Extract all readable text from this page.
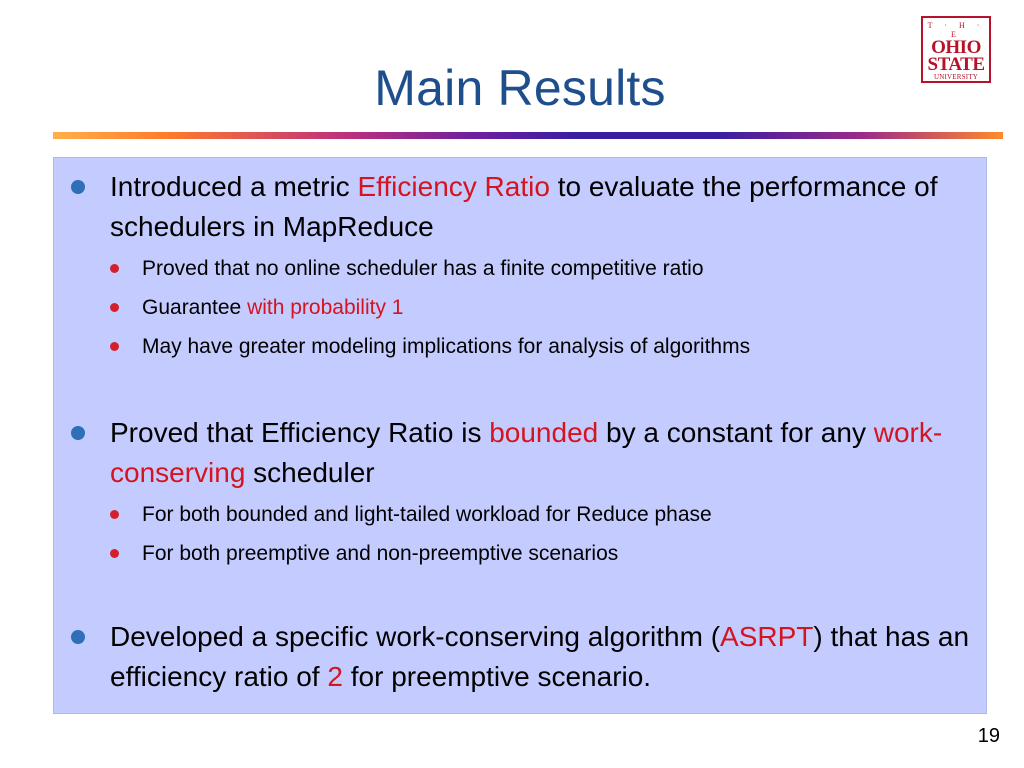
Main Results
T · H · E
OHIO
STATE
UNIVERSITY
Introduced a metric Efficiency Ratio to evaluate the performance of schedulers in MapReduce
Proved that no online scheduler has a finite competitive ratio
Guarantee with probability 1
May have greater modeling implications for analysis of algorithms
Proved that Efficiency Ratio is bounded by a constant for any work-conserving scheduler
For both bounded and light-tailed workload for Reduce phase
For both preemptive and non-preemptive scenarios
Developed a specific work-conserving algorithm (ASRPT) that has an efficiency ratio of 2 for preemptive scenario.
19
